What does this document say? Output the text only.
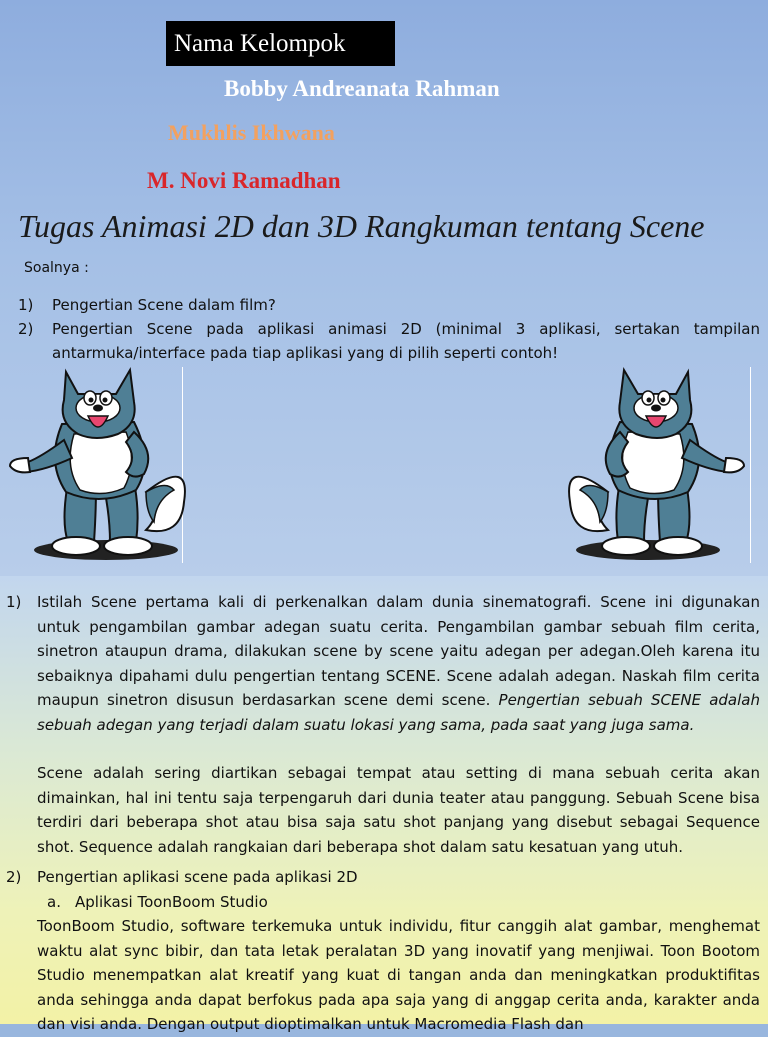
Nama Kelompok
Bobby Andreanata Rahman
Mukhlis Ikhwana
M. Novi Ramadhan
Tugas Animasi 2D dan 3D Rangkuman tentang Scene
Soalnya :
1)	Pengertian Scene dalam film?
2)	Pengertian Scene pada aplikasi animasi 2D (minimal 3 aplikasi, sertakan tampilan antarmuka/interface pada tiap aplikasi yang di pilih seperti contoh!
1)	Istilah Scene pertama kali di perkenalkan dalam dunia sinematografi. Scene ini digunakan untuk pengambilan gambar adegan suatu cerita. Pengambilan gambar sebuah film cerita, sinetron ataupun drama, dilakukan scene by scene yaitu adegan per adegan.Oleh karena itu sebaiknya dipahami dulu pengertian tentang SCENE. Scene adalah adegan. Naskah film cerita maupun sinetron disusun berdasarkan scene demi scene. Pengertian sebuah SCENE adalah sebuah adegan yang terjadi dalam suatu lokasi yang sama, pada saat yang juga sama.

Scene adalah sering diartikan sebagai tempat atau setting di mana sebuah cerita akan dimainkan, hal ini tentu saja terpengaruh dari dunia teater atau panggung. Sebuah Scene bisa terdiri dari beberapa shot atau bisa saja satu shot panjang yang disebut sebagai Sequence shot. Sequence adalah rangkaian dari beberapa shot dalam satu kesatuan yang utuh.

2)	Pengertian aplikasi scene pada aplikasi 2D
a. Aplikasi ToonBoom Studio

ToonBoom Studio, software terkemuka untuk individu, fitur canggih alat gambar, menghemat waktu alat sync bibir, dan tata letak peralatan 3D yang inovatif yang menjiwai. Toon Bootom Studio menempatkan alat kreatif yang kuat di tangan anda dan meningkatkan produktifitas anda sehingga anda dapat berfokus pada apa saja yang di anggap cerita anda, karakter anda dan visi anda. Dengan output dioptimalkan untuk Macromedia Flash dan
